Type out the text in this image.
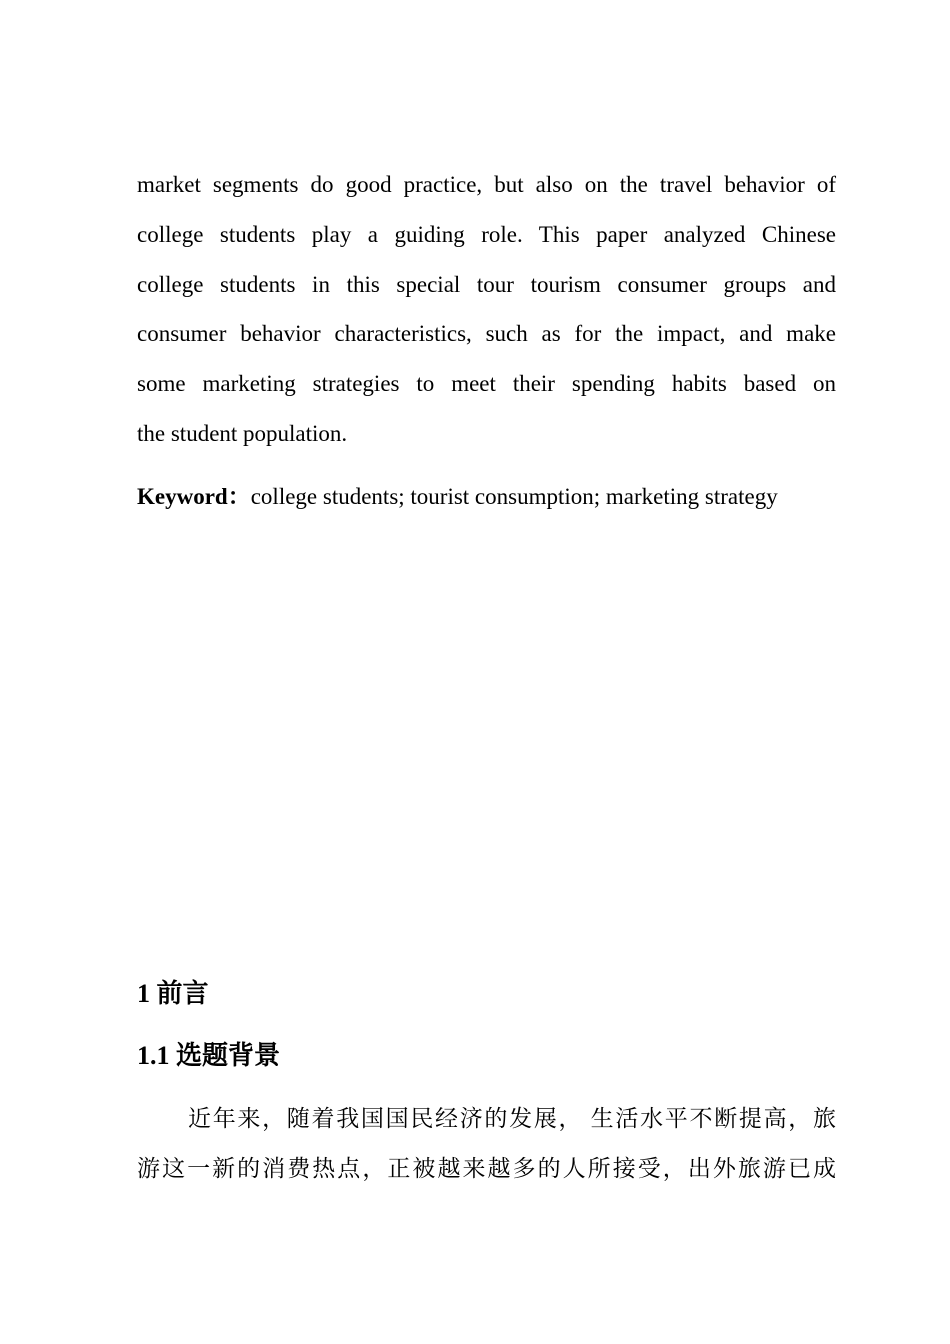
market segments do good practice, but also on the travel behavior of
college students play a guiding role. This paper analyzed Chinese
college students in this special tour tourism consumer groups and
consumer behavior characteristics, such as for the impact, and make
some marketing strategies to meet their spending habits based on
the student population.
Keyword：college students; tourist consumption; marketing strategy
1 前言
1.1 选题背景
近年来，随着我国国民经济的发展， 生活水平不断提高，旅
游这一新的消费热点，正被越来越多的人所接受，出外旅游已成
